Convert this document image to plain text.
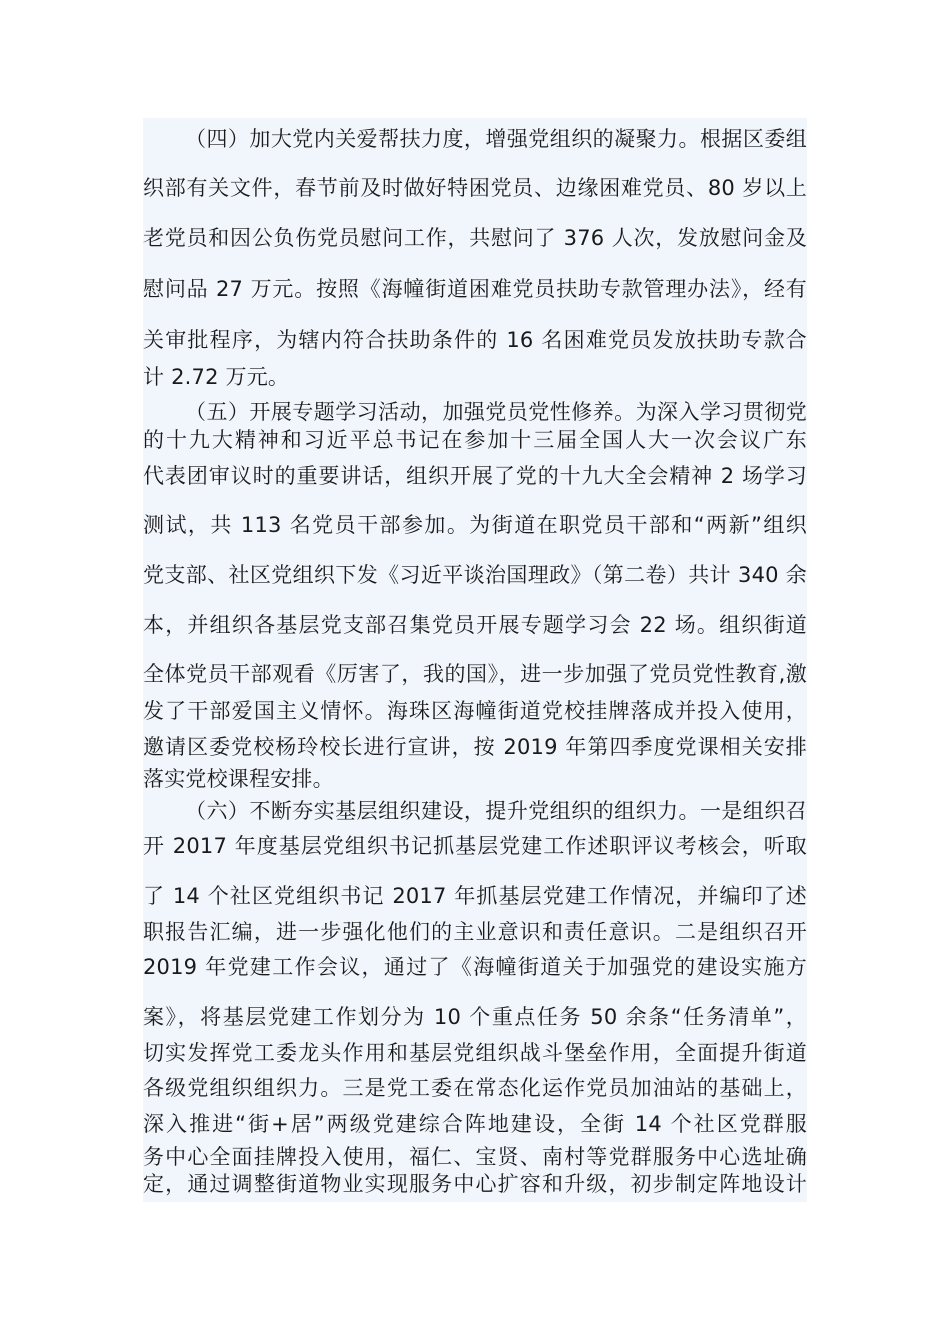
（四）加大党内关爱帮扶力度，增强党组织的凝聚力。根据区委组
织部有关文件，春节前及时做好特困党员、边缘困难党员、80 岁以上
老党员和因公负伤党员慰问工作，共慰问了 376 人次，发放慰问金及
慰问品 27 万元。按照《海幢街道困难党员扶助专款管理办法》，经有
关审批程序，为辖内符合扶助条件的 16 名困难党员发放扶助专款合
计 2.72 万元。
（五）开展专题学习活动，加强党员党性修养。为深入学习贯彻党
的十九大精神和习近平总书记在参加十三届全国人大一次会议广东
代表团审议时的重要讲话，组织开展了党的十九大全会精神 2 场学习
测试，共 113 名党员干部参加。为街道在职党员干部和“两新”组织
党支部、社区党组织下发《习近平谈治国理政》（第二卷）共计 340 余
本，并组织各基层党支部召集党员开展专题学习会 22 场。组织街道
全体党员干部观看《厉害了，我的国》，进一步加强了党员党性教育,激
发了干部爱国主义情怀。海珠区海幢街道党校挂牌落成并投入使用，
邀请区委党校杨玲校长进行宣讲，按 2019 年第四季度党课相关安排
落实党校课程安排。
（六）不断夯实基层组织建设，提升党组织的组织力。一是组织召
开 2017 年度基层党组织书记抓基层党建工作述职评议考核会，听取
了 14 个社区党组织书记 2017 年抓基层党建工作情况，并编印了述
职报告汇编，进一步强化他们的主业意识和责任意识。二是组织召开
2019 年党建工作会议，通过了《海幢街道关于加强党的建设实施方
案》，将基层党建工作划分为 10 个重点任务 50 余条“任务清单”，
切实发挥党工委龙头作用和基层党组织战斗堡垒作用，全面提升街道
各级党组织组织力。三是党工委在常态化运作党员加油站的基础上，
深入推进“街+居”两级党建综合阵地建设，全街 14 个社区党群服
务中心全面挂牌投入使用，福仁、宝贤、南村等党群服务中心选址确
定，通过调整街道物业实现服务中心扩容和升级，初步制定阵地设计
